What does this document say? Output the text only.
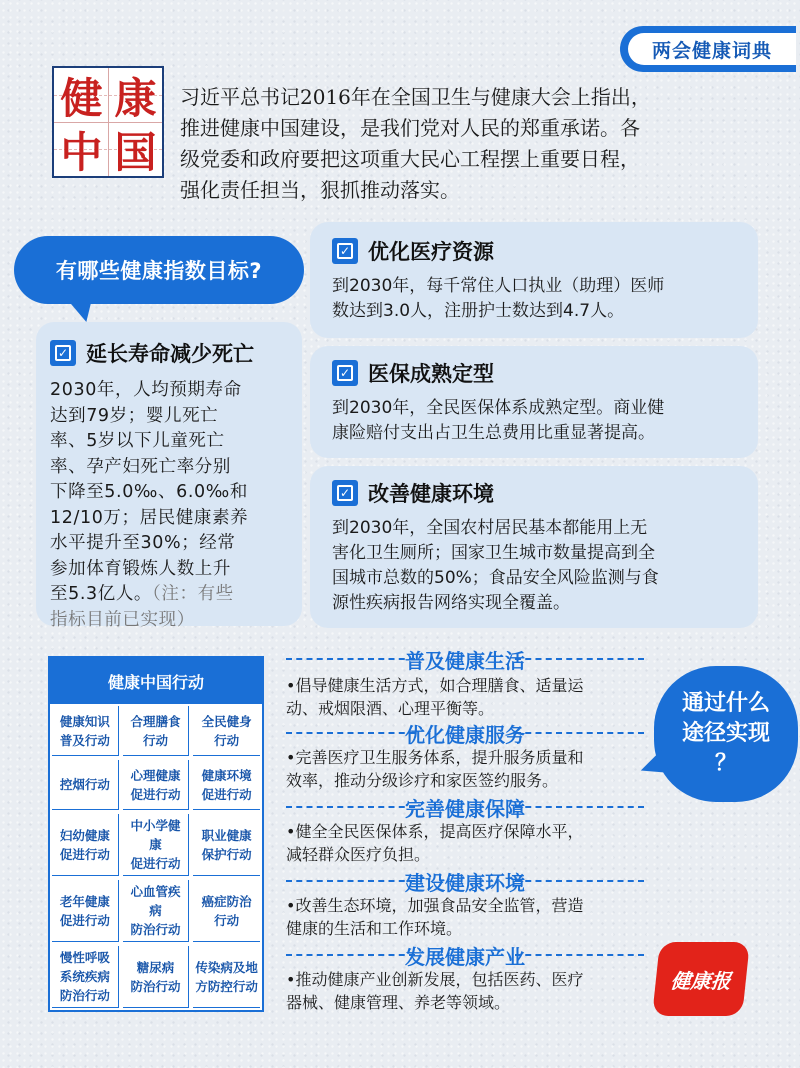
两会健康词典
健 康
中 国
习近平总书记2016年在全国卫生与健康大会上指出，
推进健康中国建设，是我们党对人民的郑重承诺。各
级党委和政府要把这项重大民心工程摆上重要日程，
强化责任担当，狠抓推动落实。
✓ 延长寿命减少死亡
2030年，人均预期寿命
达到79岁；婴儿死亡
率、5岁以下儿童死亡
率、孕产妇死亡率分别
下降至5.0‰、6.0‰和
12/10万；居民健康素养
水平提升至30%；经常
参加体育锻炼人数上升
至5.3亿人。（注：有些
指标目前已实现）
✓ 优化医疗资源
到2030年，每千常住人口执业（助理）医师
数达到3.0人，注册护士数达到4.7人。
✓ 医保成熟定型
到2030年，全民医保体系成熟定型。商业健
康险赔付支出占卫生总费用比重显著提高。
✓ 改善健康环境
到2030年，全国农村居民基本都能用上无
害化卫生厕所；国家卫生城市数量提高到全
国城市总数的50%；食品安全风险监测与食
源性疾病报告网络实现全覆盖。
有哪些健康指数目标?
健康中国行动
健康知识
普及行动
合理膳食
行动
全民健身
行动
控烟行动
心理健康
促进行动
健康环境
促进行动
妇幼健康
促进行动
中小学健康
促进行动
职业健康
保护行动
老年健康
促进行动
心血管疾病
防治行动
癌症防治
行动
慢性呼吸
系统疾病
防治行动
糖尿病
防治行动
传染病及地
方防控行动
普及健康生活
•倡导健康生活方式，如合理膳食、适量运
动、戒烟限酒、心理平衡等。
优化健康服务
•完善医疗卫生服务体系，提升服务质量和
效率，推动分级诊疗和家医签约服务。
完善健康保障
•健全全民医保体系，提高医疗保障水平，
减轻群众医疗负担。
建设健康环境
•改善生态环境，加强食品安全监管，营造
健康的生活和工作环境。
发展健康产业
•推动健康产业创新发展，包括医药、医疗
器械、健康管理、养老等领域。
通过什么
途径实现
？
健康报
